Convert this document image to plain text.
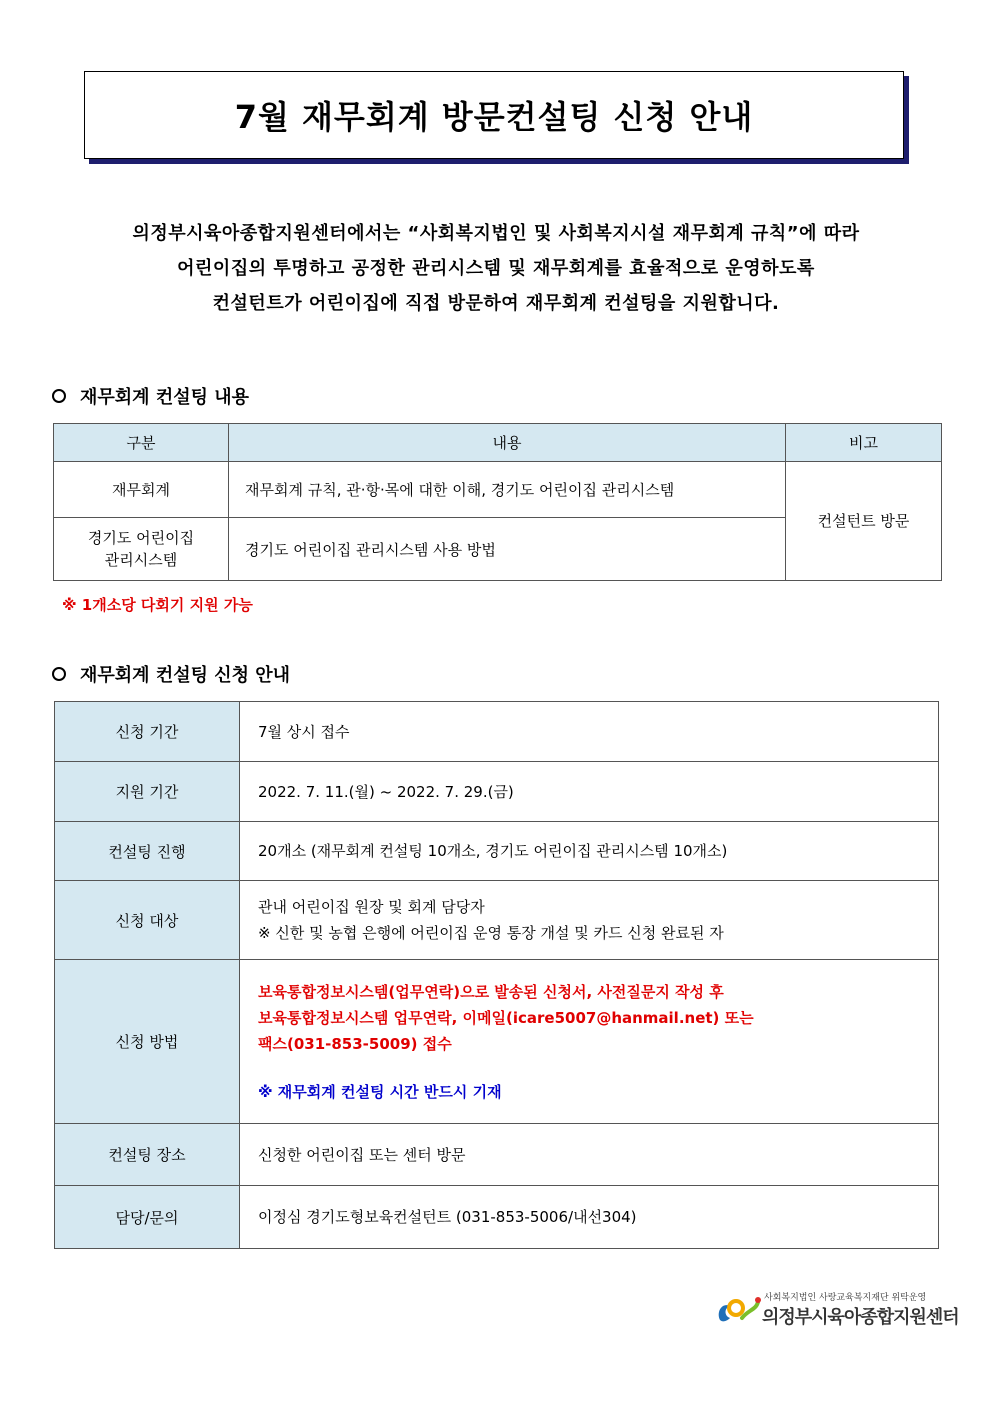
7월 재무회계 방문컨설팅 신청 안내
의정부시육아종합지원센터에서는 “사회복지법인 및 사회복지시설 재무회계 규칙”에 따라
어린이집의 투명하고 공정한 관리시스템 및 재무회계를 효율적으로 운영하도록
컨설턴트가 어린이집에 직접 방문하여 재무회계 컨설팅을 지원합니다.
재무회계 컨설팅 내용
구분	내용	비고
재무회계	재무회계 규칙, 관·항·목에 대한 이해, 경기도 어린이집 관리시스템	컨설턴트 방문

경기도 어린이집
관리시스템	경기도 어린이집 관리시스템 사용 방법	
※ 1개소당 다회기 지원 가능
재무회계 컨설팅 신청 안내
신청 기간	7월 상시 접수
지원 기간	2022. 7. 11.(월) ~ 2022. 7. 29.(금)
컨설팅 진행	20개소 (재무회계 컨설팅 10개소, 경기도 어린이집 관리시스템 10개소)
신청 대상	관내 어린이집 원장 및 회계 담당자
※ 신한 및 농협 은행에 어린이집 운영 통장 개설 및 카드 신청 완료된 자

신청 방법	보육통합정보시스템(업무연락)으로 발송된 신청서, 사전질문지 작성 후
보육통합정보시스템 업무연락, 이메일(icare5007@hanmail.net) 또는
팩스(031-853-5009) 접수
※ 재무회계 컨설팅 시간 반드시 기재

컨설팅 장소	신청한 어린이집 또는 센터 방문
담당/문의	이정심 경기도형보육컨설턴트 (031-853-5006/내선304)
사회복지법인 사랑교육복지재단 위탁운영
의정부시육아종합지원센터
